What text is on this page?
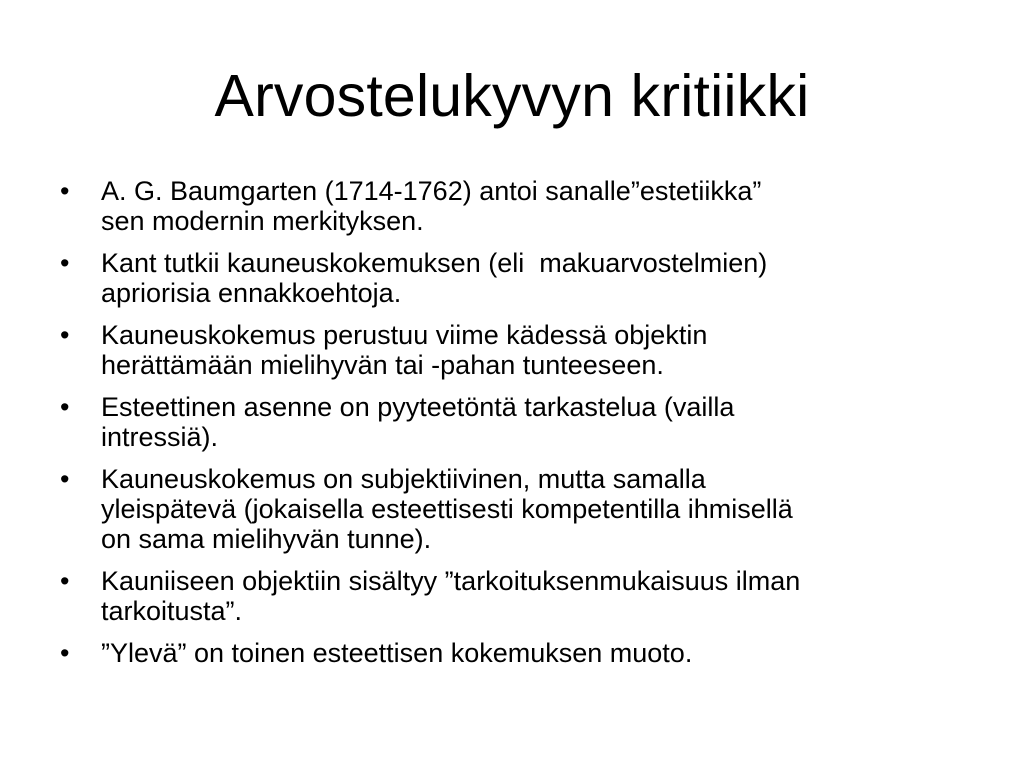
Arvostelukyvyn kritiikki
•	A. G. Baumgarten (1714-1762) antoi sanalle”estetiikka”
sen modernin merkityksen.
•	Kant tutkii kauneuskokemuksen (eli  makuarvostelmien)
apriorisia ennakkoehtoja.
•	Kauneuskokemus perustuu viime kädessä objektin
herättämään mielihyvän tai -pahan tunteeseen.
•	Esteettinen asenne on pyyteetöntä tarkastelua (vailla
intressiä).
•	Kauneuskokemus on subjektiivinen, mutta samalla
yleispätevä (jokaisella esteettisesti kompetentilla ihmisellä
on sama mielihyvän tunne).
•	Kauniiseen objektiin sisältyy ”tarkoituksenmukaisuus ilman
tarkoitusta”.
•	”Ylevä” on toinen esteettisen kokemuksen muoto.
